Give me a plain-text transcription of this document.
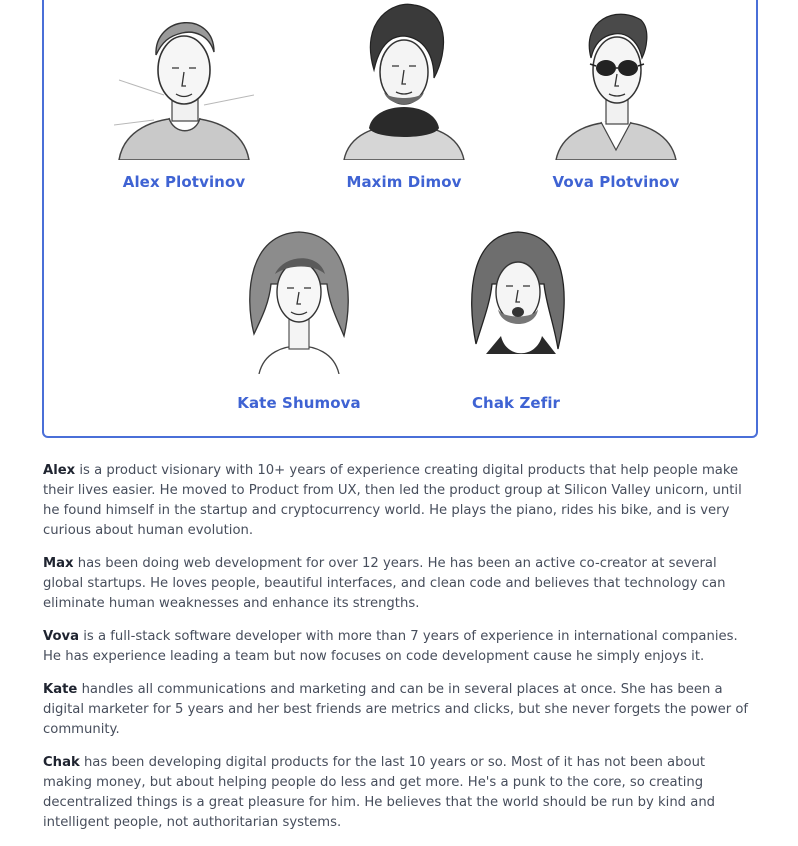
Alex Plotvinov	Maxim Dimov	Vova Plotvinov
Kate Shumova	Chak Zefir

Alex is a product visionary with 10+ years of experience creating digital products that help people make their lives easier. He moved to Product from UX, then led the product group at Silicon Valley unicorn, until he found himself in the startup and cryptocurrency world. He plays the piano, rides his bike, and is very curious about human evolution.

Max has been doing web development for over 12 years. He has been an active co-creator at several global startups. He loves people, beautiful interfaces, and clean code and believes that technology can eliminate human weaknesses and enhance its strengths.

Vova is a full-stack software developer with more than 7 years of experience in international companies. He has experience leading a team but now focuses on code development cause he simply enjoys it.

Kate handles all communications and marketing and can be in several places at once. She has been a digital marketer for 5 years and her best friends are metrics and clicks, but she never forgets the power of community.

Chak has been developing digital products for the last 10 years or so. Most of it has not been about making money, but about helping people do less and get more. He's a punk to the core, so creating decentralized things is a great pleasure for him. He believes that the world should be run by kind and intelligent people, not authoritarian systems.
